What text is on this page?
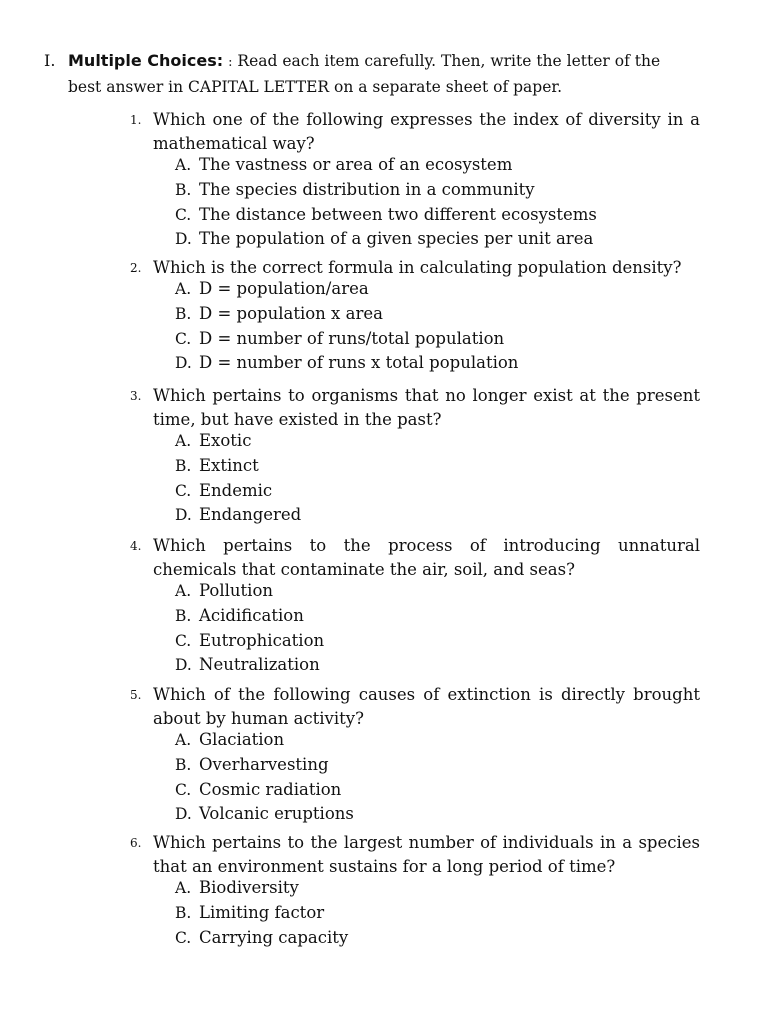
I. Multiple Choices: : Read each item carefully. Then, write the letter of the
best answer in CAPITAL LETTER on a separate sheet of paper.
1. Which one of the following expresses the index of diversity in a mathematical way?
A. The vastness or area of an ecosystem
B. The species distribution in a community
C. The distance between two different ecosystems
D. The population of a given species per unit area
2. Which is the correct formula in calculating population density?
A. D = population/area
B. D = population x area
C. D = number of runs/total population
D. D = number of runs x total population
3. Which pertains to organisms that no longer exist at the present time, but have existed in the past?
A. Exotic
B. Extinct
C. Endemic
D. Endangered
4. Which pertains to the process of introducing unnatural chemicals that contaminate the air, soil, and seas?
A. Pollution
B. Acidification
C. Eutrophication
D. Neutralization
5. Which of the following causes of extinction is directly brought about by human activity?
A. Glaciation
B. Overharvesting
C. Cosmic radiation
D. Volcanic eruptions
6. Which pertains to the largest number of individuals in a species that an environment sustains for a long period of time?
A. Biodiversity
B. Limiting factor
C. Carrying capacity
